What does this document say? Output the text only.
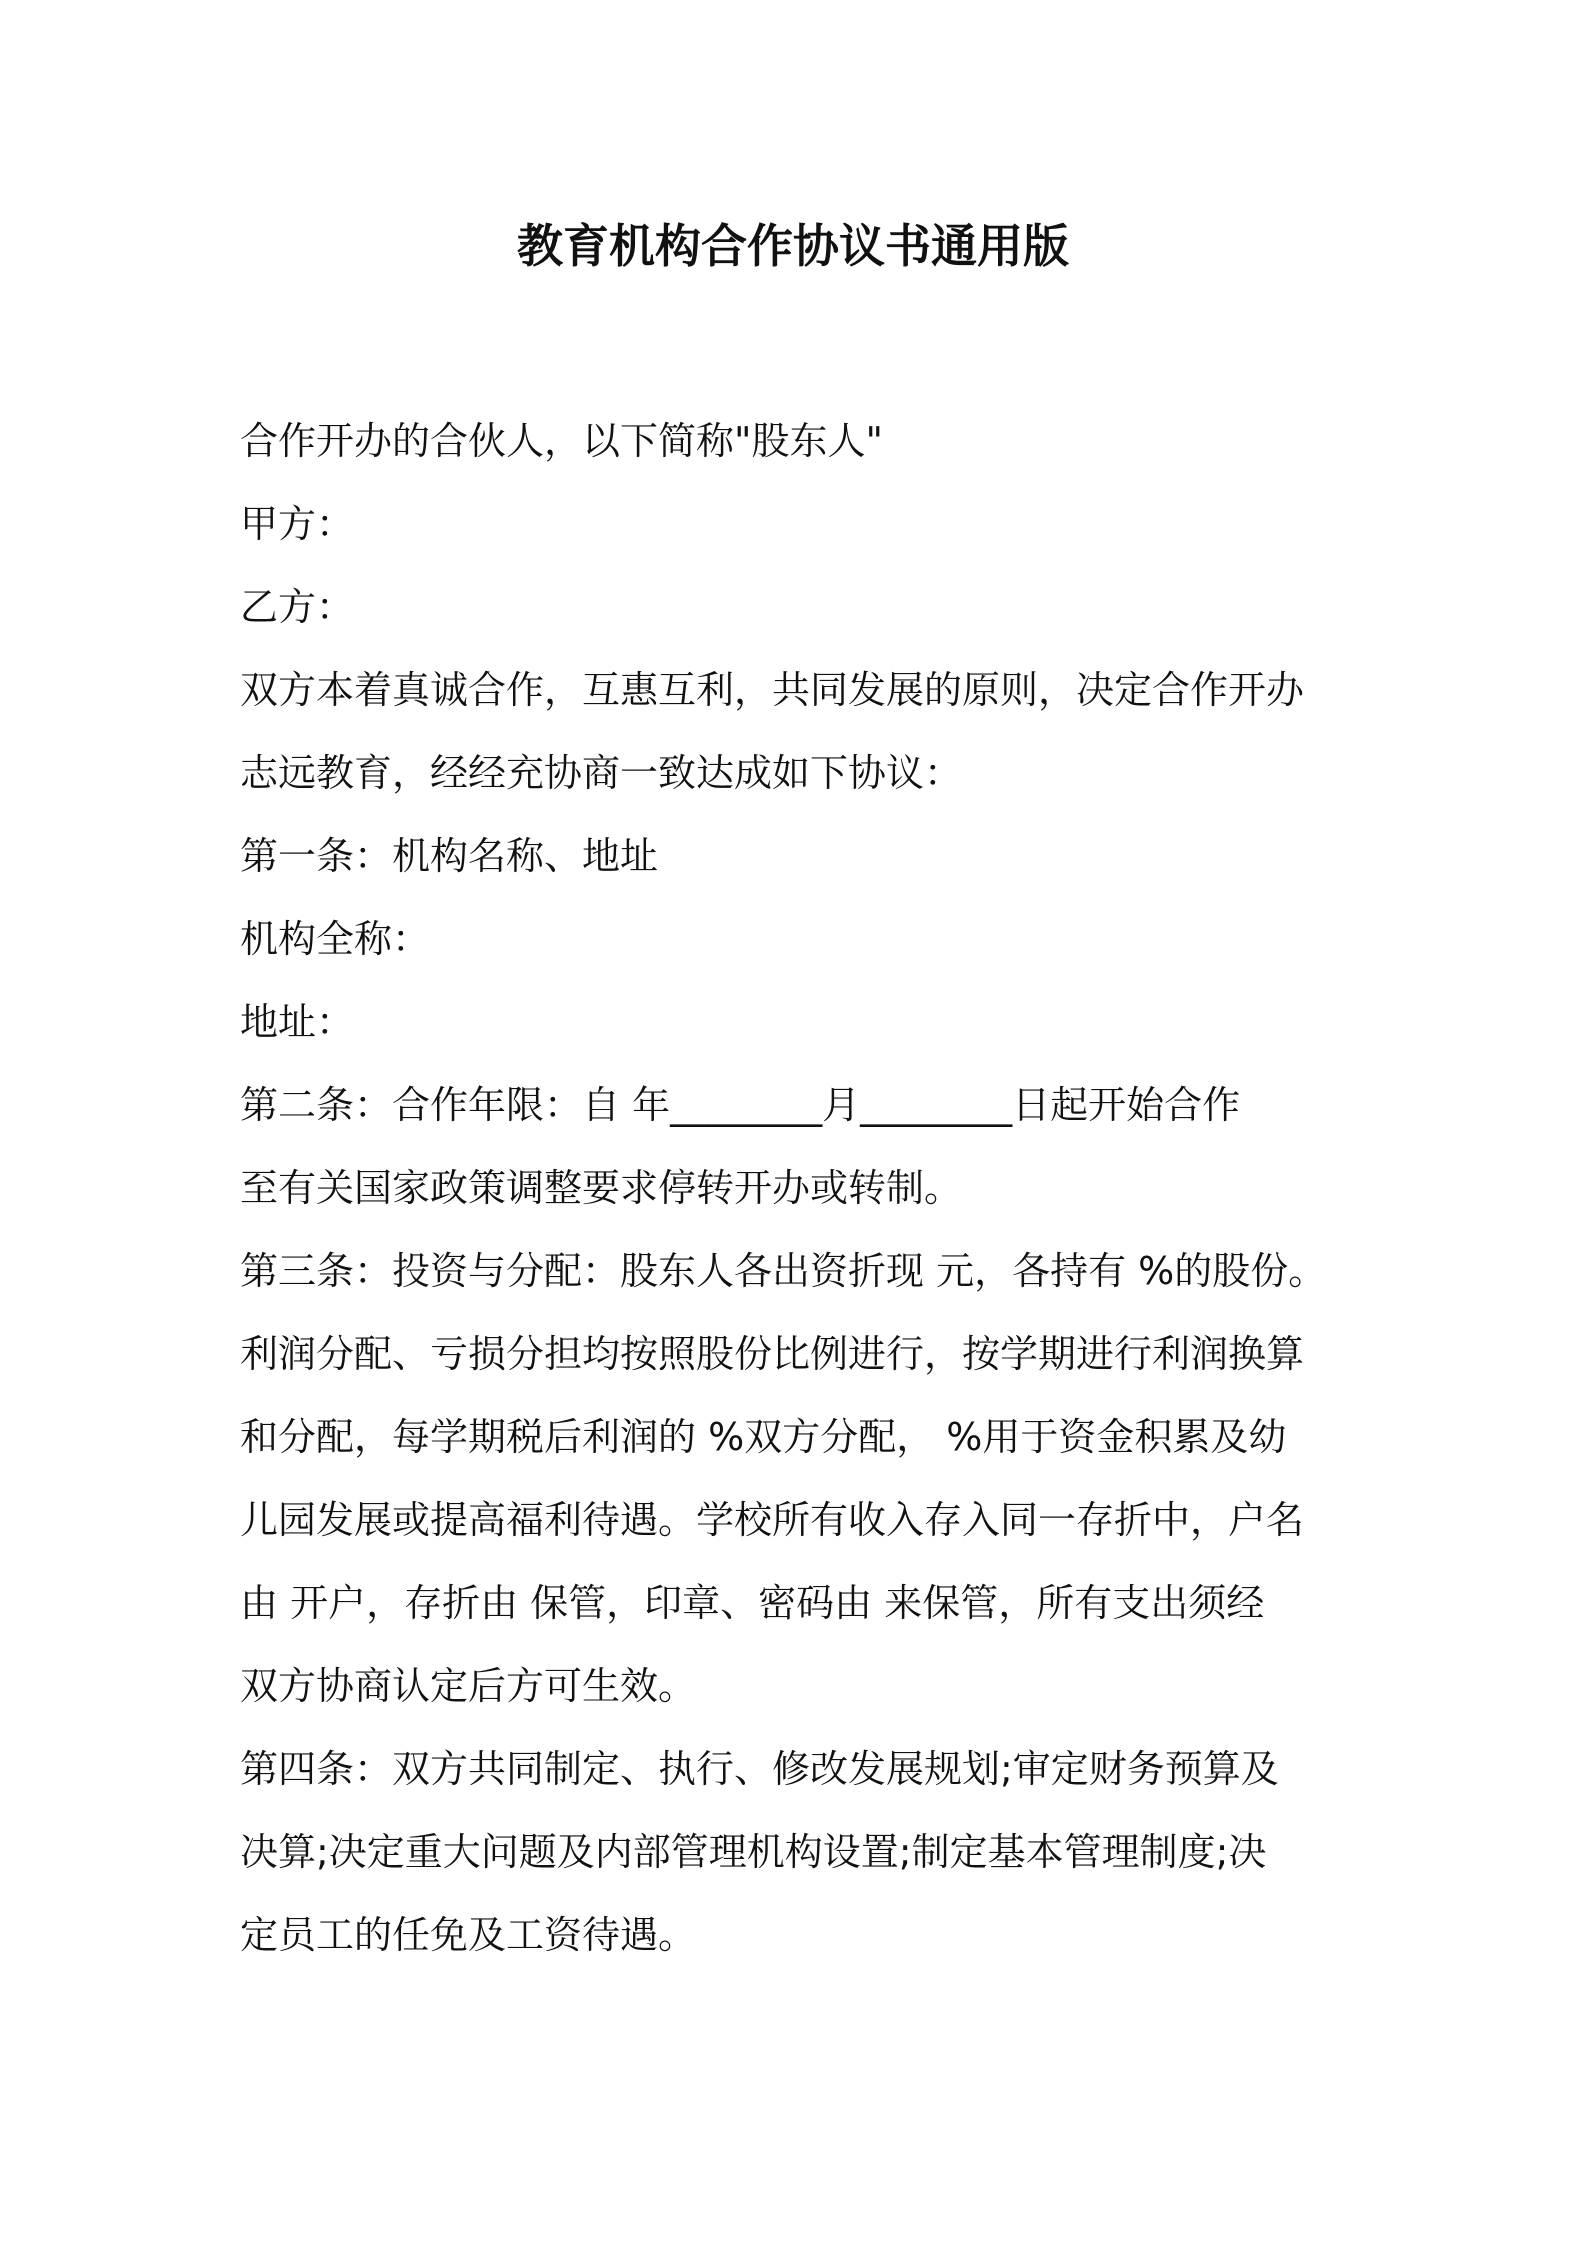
教育机构合作协议书通用版
合作开办的合伙人，以下简称"股东人"
甲方：
乙方：
双方本着真诚合作，互惠互利，共同发展的原则，决定合作开办
志远教育，经经充协商一致达成如下协议：
第一条：机构名称、地址
机构全称：
地址：
第二条：合作年限：自 年________月________日起开始合作
至有关国家政策调整要求停转开办或转制。
第三条：投资与分配：股东人各出资折现 元，各持有 %的股份。
利润分配、亏损分担均按照股份比例进行，按学期进行利润换算
和分配，每学期税后利润的 %双方分配， %用于资金积累及幼
儿园发展或提高福利待遇。学校所有收入存入同一存折中，户名
由 开户，存折由 保管，印章、密码由 来保管，所有支出须经
双方协商认定后方可生效。
第四条：双方共同制定、执行、修改发展规划;审定财务预算及
决算;决定重大问题及内部管理机构设置;制定基本管理制度;决
定员工的任免及工资待遇。
